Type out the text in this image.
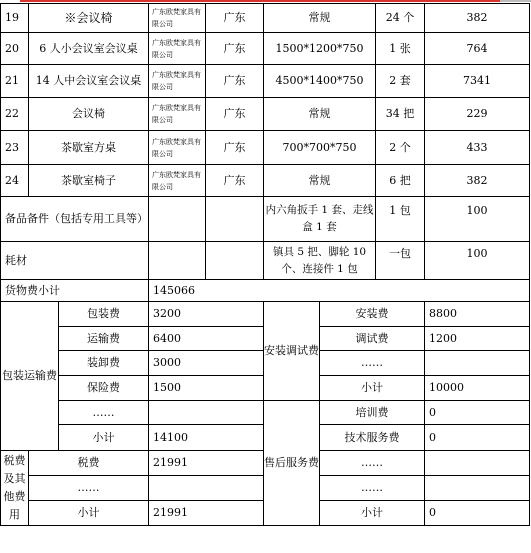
19	※会议椅		广东欧梵家具有限公司	广东	常规		24 个	382
20	6 人小会议室会议桌		广东欧梵家具有限公司	广东	1500*1200*750		1 张	764
21	14 人中会议室会议桌		广东欧梵家具有限公司	广东	4500*1400*750		2 套	7341
22	会议椅		广东欧梵家具有限公司	广东	常规		34 把	229
23	茶歇室方桌		广东欧梵家具有限公司	广东	700*700*750		2 个	433
24	茶歇室椅子		广东欧梵家具有限公司	广东	常规		6 把	382
备品备件（包括专用工具等）					内六角扳手 1 套、走线盒 1 套		1 包	100
耗材					镇具 5 把、脚轮 10 个、连接件 1 包		一包	100
货物费小计			145066					
包装运输费		包装费	3200		安装调试费	安装费		8800
		运输费	6400			调试费		1200
		装卸费	3000			……		
		保险费	1500			小计		10000
		……			售后服务费	培训费		0
		小计	14100			技术服务费		0
税费及其他费用	税费		21991			……		
	……					……		
	小计		21991			小计		0
